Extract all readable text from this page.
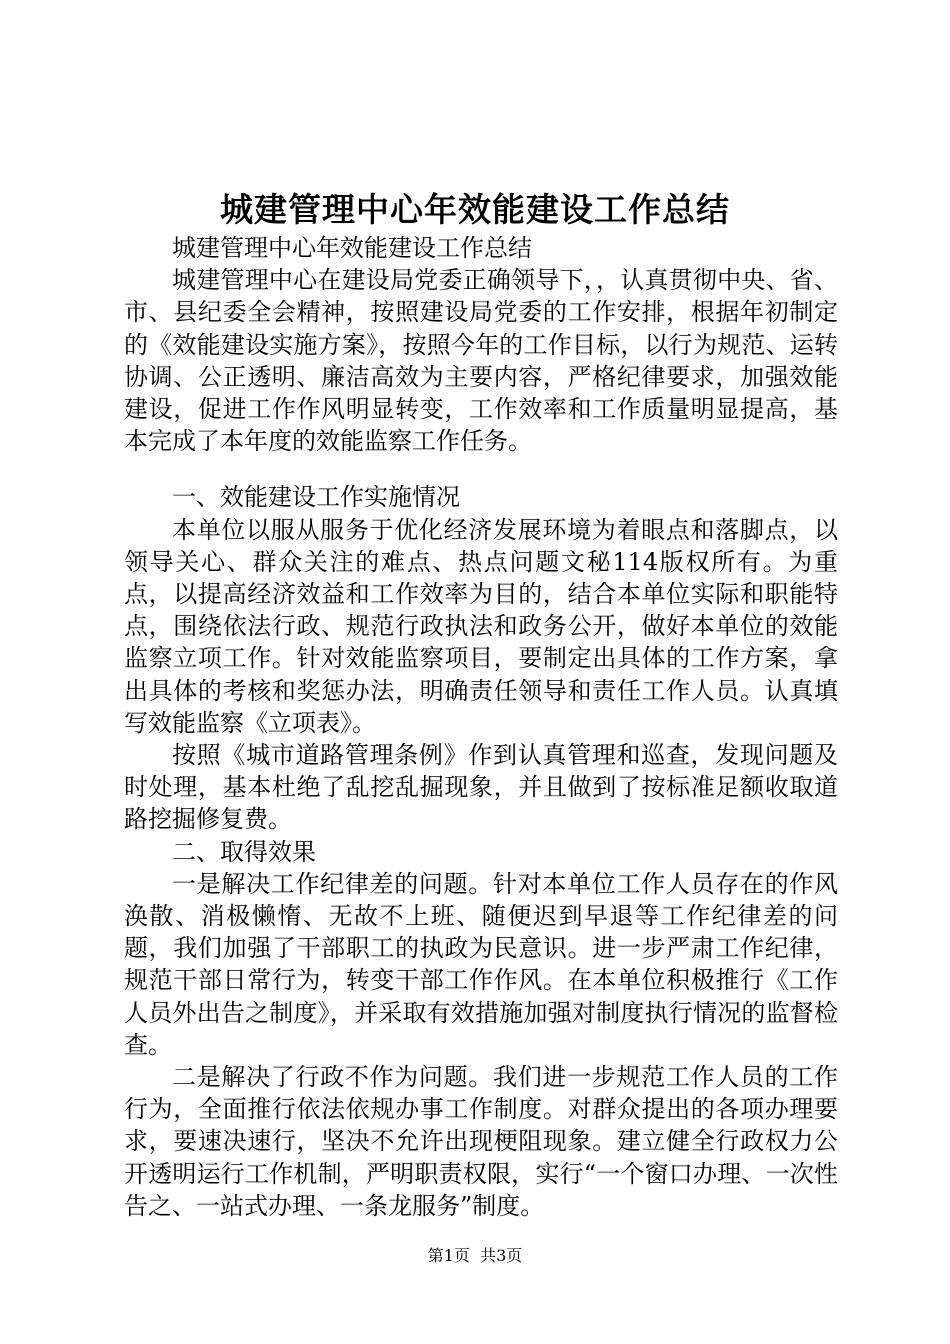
城建管理中心年效能建设工作总结

城建管理中心年效能建设工作总结

城建管理中心在建设局党委正确领导下，，认真贯彻中央、省、市、县纪委全会精神，按照建设局党委的工作安排，根据年初制定的《效能建设实施方案》，按照今年的工作目标，以行为规范、运转协调、公正透明、廉洁高效为主要内容，严格纪律要求，加强效能建设，促进工作作风明显转变，工作效率和工作质量明显提高，基本完成了本年度的效能监察工作任务。

一、效能建设工作实施情况

本单位以服从服务于优化经济发展环境为着眼点和落脚点，以领导关心、群众关注的难点、热点问题文秘114版权所有。为重点，以提高经济效益和工作效率为目的，结合本单位实际和职能特点，围绕依法行政、规范行政执法和政务公开，做好本单位的效能监察立项工作。针对效能监察项目，要制定出具体的工作方案，拿出具体的考核和奖惩办法，明确责任领导和责任工作人员。认真填写效能监察《立项表》。

按照《城市道路管理条例》作到认真管理和巡查，发现问题及时处理，基本杜绝了乱挖乱掘现象，并且做到了按标准足额收取道路挖掘修复费。

二、取得效果

一是解决工作纪律差的问题。针对本单位工作人员存在的作风涣散、消极懒惰、无故不上班、随便迟到早退等工作纪律差的问题，我们加强了干部职工的执政为民意识。进一步严肃工作纪律，规范干部日常行为，转变干部工作作风。在本单位积极推行《工作人员外出告之制度》，并采取有效措施加强对制度执行情况的监督检查。

二是解决了行政不作为问题。我们进一步规范工作人员的工作行为，全面推行依法依规办事工作制度。对群众提出的各项办理要求，要速决速行，坚决不允许出现梗阻现象。建立健全行政权力公开透明运行工作机制，严明职责权限，实行“一个窗口办理、一次性告之、一站式办理、一条龙服务”制度。

第1页 共3页
